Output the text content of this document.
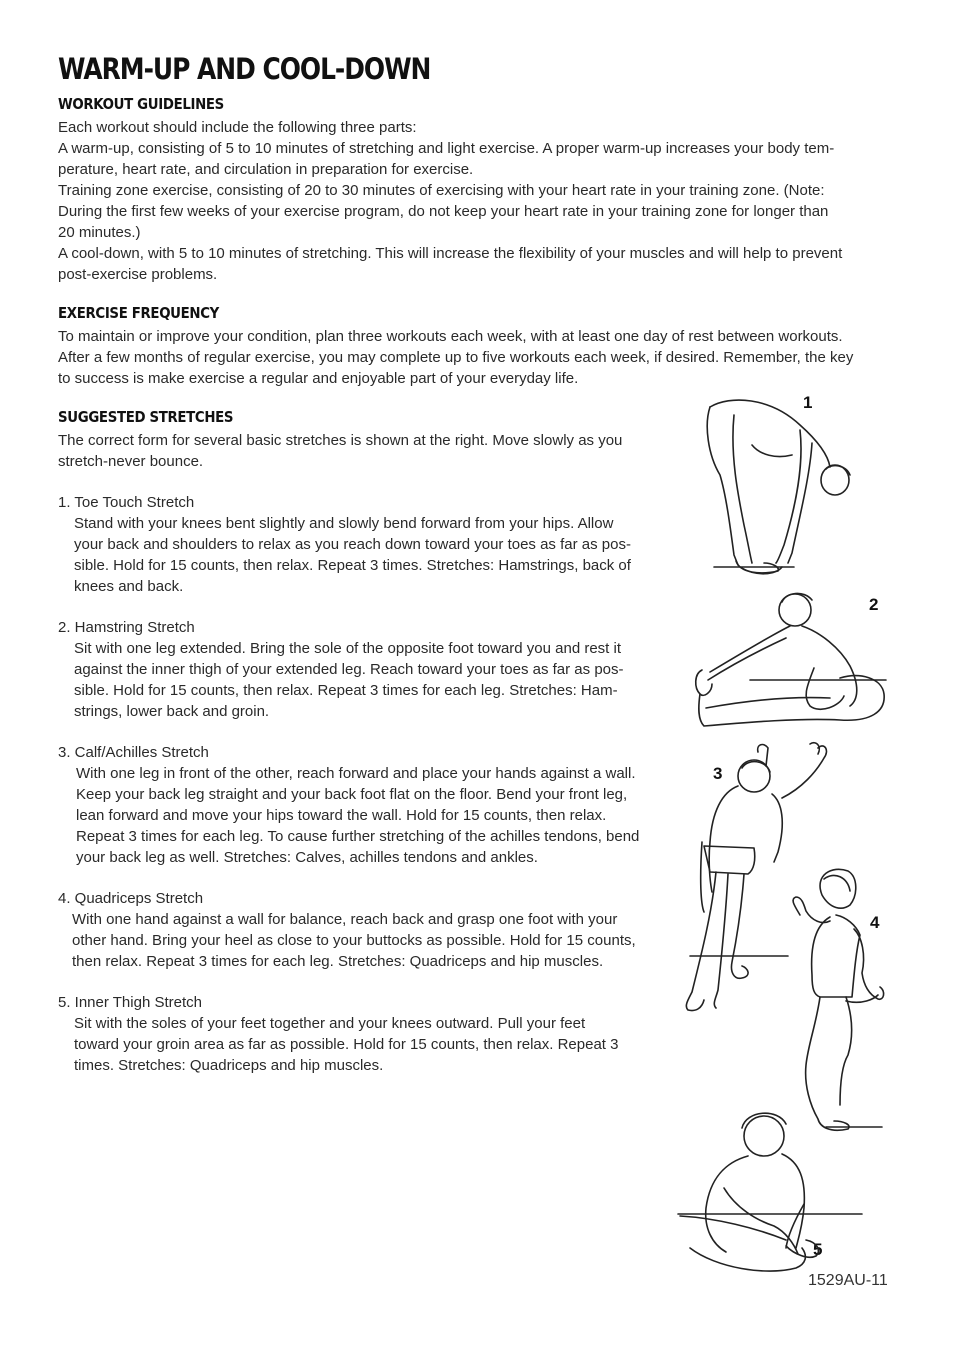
WARM-UP AND COOL-DOWN
WORKOUT GUIDELINES
Each workout should include the following three parts:
A warm-up, consisting of 5 to 10 minutes of stretching and light exercise. A proper warm-up increases your body tem-
perature, heart rate, and circulation in preparation for exercise.
Training zone exercise, consisting of 20 to 30 minutes of exercising with your heart rate in your training zone. (Note:
During the first few weeks of your exercise program, do not keep your heart rate in your training zone for longer than
20 minutes.)
A cool-down, with 5 to 10 minutes of stretching. This will increase the flexibility of your muscles and will help to prevent
post-exercise problems.
EXERCISE FREQUENCY
To maintain or improve your condition, plan three workouts each week, with at least one day of rest between workouts.
After a few months of regular exercise, you may complete up to five workouts each week, if desired. Remember, the key
to success is make exercise a regular and enjoyable part of your everyday life.
SUGGESTED STRETCHES
The correct form for several basic stretches is shown at the right. Move slowly as you
stretch-never bounce.
1. Toe Touch Stretch
Stand with your knees bent slightly and slowly bend forward from your hips. Allow
your back and shoulders to relax as you reach down toward your toes as far as pos-
sible. Hold for 15 counts, then relax. Repeat 3 times. Stretches: Hamstrings, back of
knees and back.
2. Hamstring Stretch
Sit with one leg extended. Bring the sole of the opposite foot toward you and rest it
against the inner thigh of your extended leg. Reach toward your toes as far as pos-
sible. Hold for 15 counts, then relax. Repeat 3 times for each leg. Stretches: Ham-
strings, lower back and groin.
3. Calf/Achilles Stretch
With one leg in front of the other, reach forward and place your hands against a wall.
Keep your back leg straight and your back foot flat on the floor. Bend your front leg,
lean forward and move your hips toward the wall. Hold for 15 counts, then relax.
Repeat 3 times for each leg. To cause further stretching of the achilles tendons, bend
your back leg as well. Stretches: Calves, achilles tendons and ankles.
4. Quadriceps Stretch
With one hand against a wall for balance, reach back and grasp one foot with your
other hand. Bring your heel as close to your buttocks as possible. Hold for 15 counts,
then relax. Repeat 3 times for each leg. Stretches: Quadriceps and hip muscles.
5. Inner Thigh Stretch
Sit with the soles of your feet together and your knees outward. Pull your feet
toward your groin area as far as possible. Hold for 15 counts, then relax. Repeat 3
times. Stretches: Quadriceps and hip muscles.
1
2
3
4
5
1529AU-11
